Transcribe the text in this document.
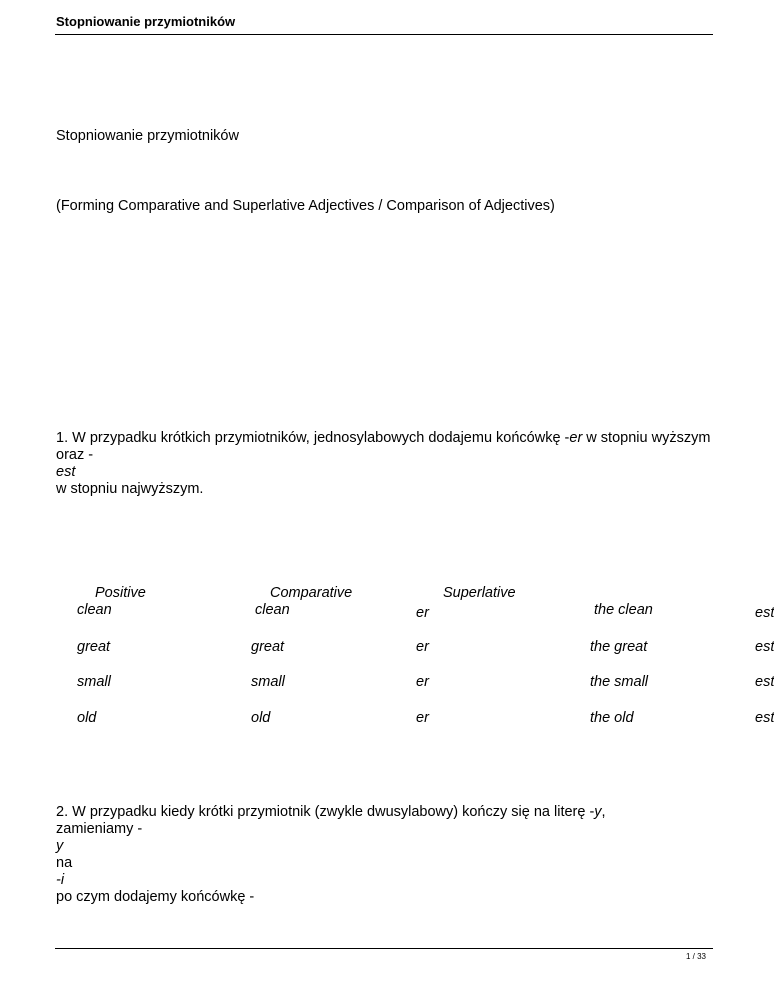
Stopniowanie przymiotników
Stopniowanie przymiotników
(Forming Comparative and Superlative Adjectives / Comparison of Adjectives)
1. W przypadku krótkich przymiotników, jednosylabowych dodajemu końcówkę -er w stopniu wyższym oraz -
est
w stopniu najwyższym.
Positive	Comparative	Superlative
clean	clean	er	the clean	est
great	great	er	the great	est
small	small	er	the small	est
old	old	er	the old	est
2. W przypadku kiedy krótki przymiotnik (zwykle dwusylabowy) kończy się na literę -y,
zamieniamy -
y
na
-i
po czym dodajemy końcówkę -
1 / 33
